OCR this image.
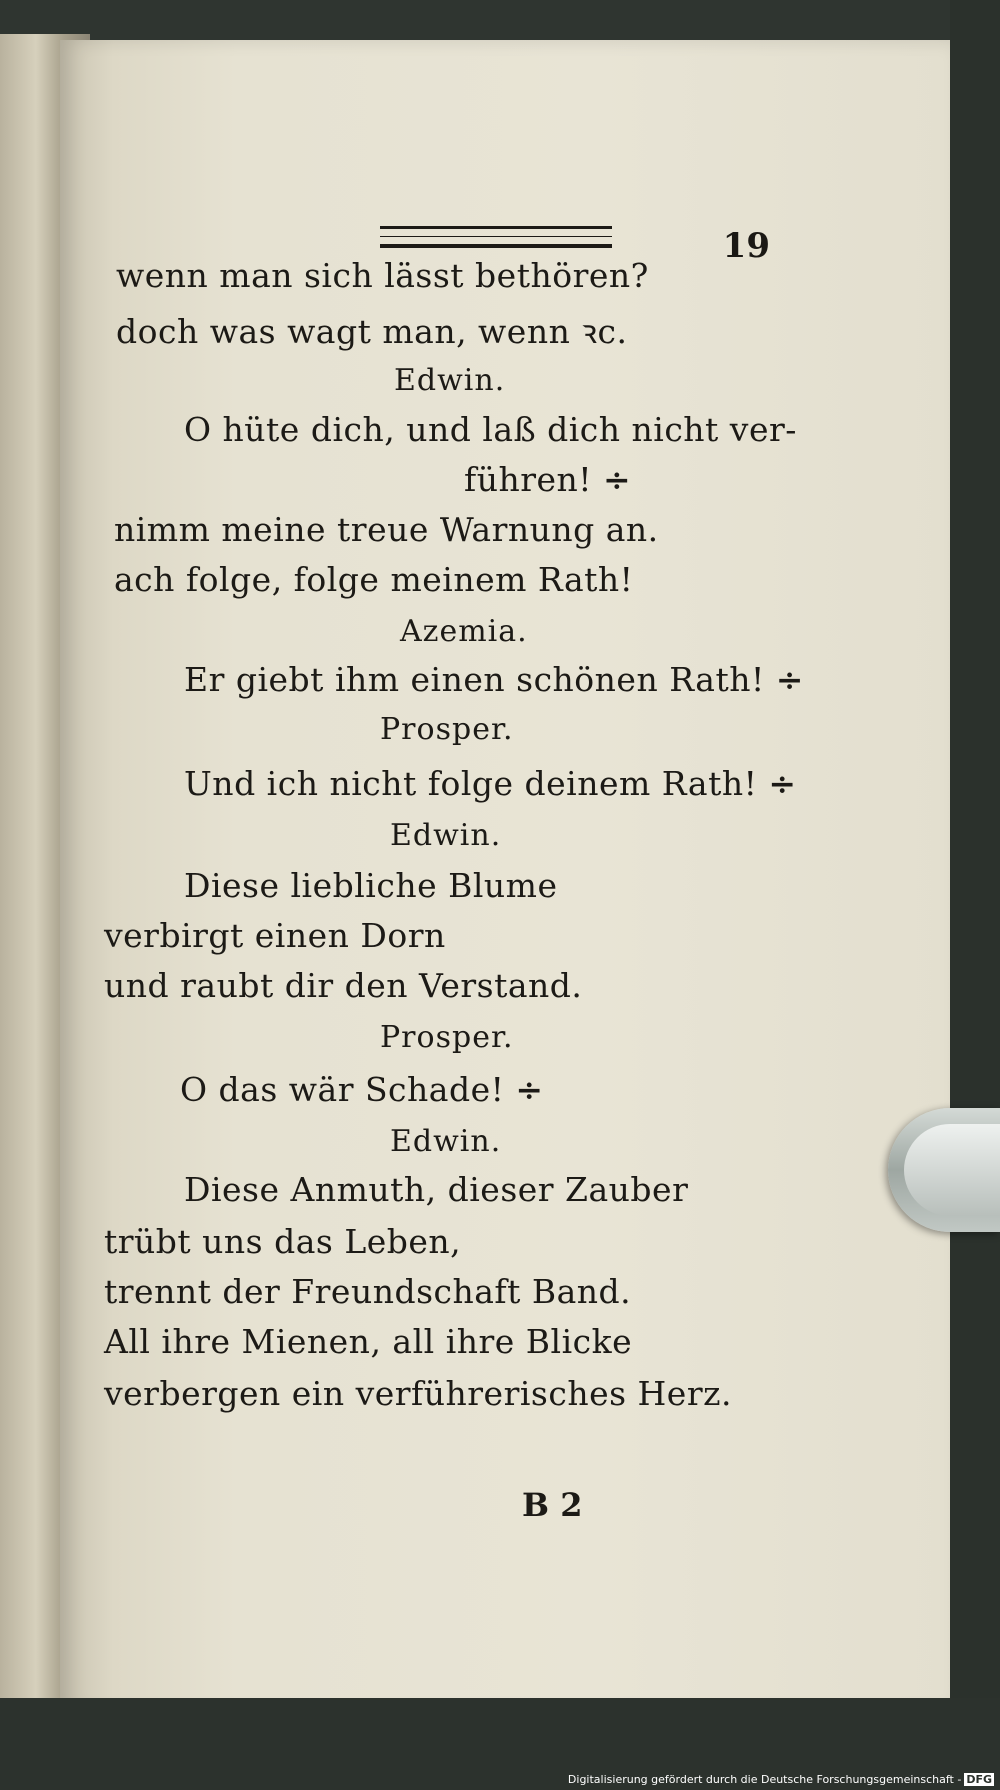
19
wenn man sich lässt bethören?
doch was wagt man, wenn ꝛc.
Edwin.
O hüte dich, und laß dich nicht ver-
führen! ÷
nimm meine treue Warnung an.
ach folge, folge meinem Rath!
Azemia.
Er giebt ihm einen schönen Rath! ÷
Prosper.
Und ich nicht folge deinem Rath! ÷
Edwin.
Diese liebliche Blume
verbirgt einen Dorn
und raubt dir den Verstand.
Prosper.
O das wär Schade! ÷
Edwin.
Diese Anmuth, dieser Zauber
trübt uns das Leben,
trennt der Freundschaft Band.
All ihre Mienen, all ihre Blicke
verbergen ein verführerisches Herz.
B 2
Digitalisierung gefördert durch die Deutsche Forschungsgemeinschaft - DFG
